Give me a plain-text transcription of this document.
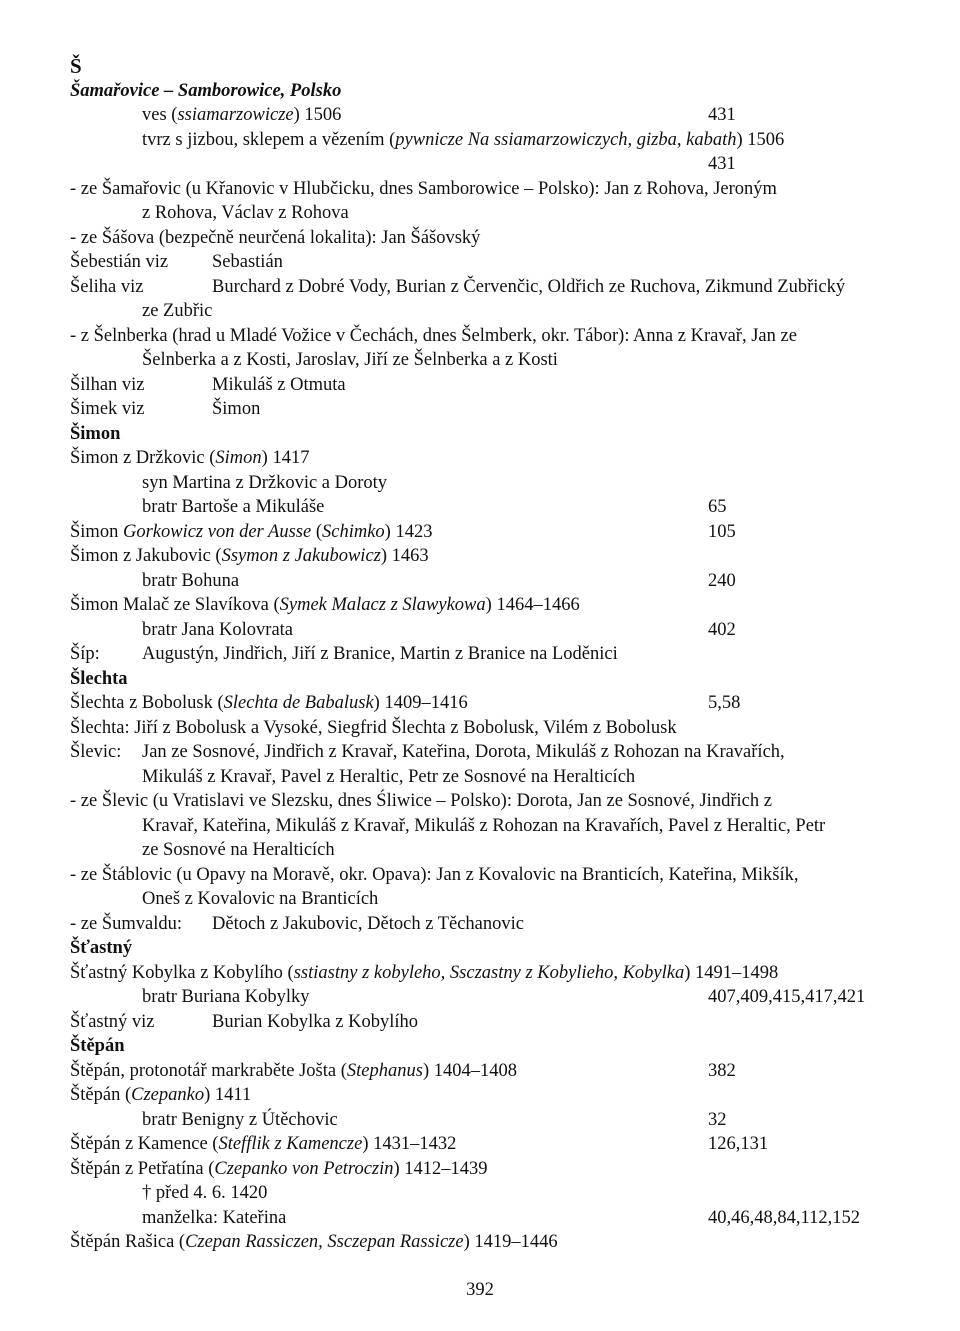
Š
Šamařovice – Samborowice, Polsko
ves (ssiamarzowicze) 1506	431
tvrz s jizbou, sklepem a vězením (pywnicze Na ssiamarzowiczych, gizba, kabath) 1506
431
- ze Šamařovic (u Křanovic v Hlubčicku, dnes Samborowice – Polsko): Jan z Rohova, Jeroným
z Rohova, Václav z Rohova
- ze Šášova (bezpečně neurčená lokalita): Jan Šášovský
Šebestián viz Sebastián
Šeliha viz	Burchard z Dobré Vody, Burian z Červenčic, Oldřich ze Ruchova, Zikmund Zubřický
ze Zubřic
- z Šelnberka (hrad u Mladé Vožice v Čechách, dnes Šelmberk, okr. Tábor): Anna z Kravař, Jan ze
Šelnberka a z Kosti, Jaroslav, Jiří ze Šelnberka a z Kosti
Šilhan viz	Mikuláš z Otmuta
Šimek viz	Šimon
Šimon
Šimon z Držkovic (Simon) 1417
syn Martina z Držkovic a Doroty
bratr Bartoše a Mikuláše	65
Šimon Gorkowicz von der Ausse (Schimko) 1423	105
Šimon z Jakubovic (Ssymon z Jakubowicz) 1463
bratr Bohuna	240
Šimon Malač ze Slavíkova (Symek Malacz z Slawykowa) 1464–1466
bratr Jana Kolovrata	402
Šíp: Augustýn, Jindřich, Jiří z Branice, Martin z Branice na Loděnici
Šlechta
Šlechta z Bobolusk (Slechta de Babalusk) 1409–1416	5,58
Šlechta: Jiří z Bobolusk a Vysoké, Siegfrid Šlechta z Bobolusk, Vilém z Bobolusk
Šlevic: Jan ze Sosnové, Jindřich z Kravař, Kateřina, Dorota, Mikuláš z Rohozan na Kravařích,
Mikuláš z Kravař, Pavel z Heraltic, Petr ze Sosnové na Heralticích
- ze Šlevic (u Vratislavi ve Slezsku, dnes Śliwice – Polsko): Dorota, Jan ze Sosnové, Jindřich z
Kravař, Kateřina, Mikuláš z Kravař, Mikuláš z Rohozan na Kravařích, Pavel z Heraltic, Petr
ze Sosnové na Heralticích
- ze Štáblovic (u Opavy na Moravě, okr. Opava): Jan z Kovalovic na Branticích, Kateřina, Mikšík,
Oneš z Kovalovic na Branticích
- ze Šumvaldu: Dětoch z Jakubovic, Dětoch z Těchanovic
Šťastný
Šťastný Kobylka z Kobylího (sstiastny z kobyleho, Ssczastny z Kobylieho, Kobylka) 1491–1498
bratr Buriana Kobylky	407,409,415,417,421
Šťastný viz	Burian Kobylka z Kobylího
Štěpán
Štěpán, protonotář markraběte Jošta (Stephanus) 1404–1408	382
Štěpán (Czepanko) 1411
bratr Benigny z Útěchovic	32
Štěpán z Kamence (Stefflik z Kamencze) 1431–1432	126,131
Štěpán z Petřatína (Czepanko von Petroczin) 1412–1439
† před 4. 6. 1420
manželka: Kateřina	40,46,48,84,112,152
Štěpán Rašica (Czepan Rassiczen, Ssczepan Rassicze) 1419–1446
392
